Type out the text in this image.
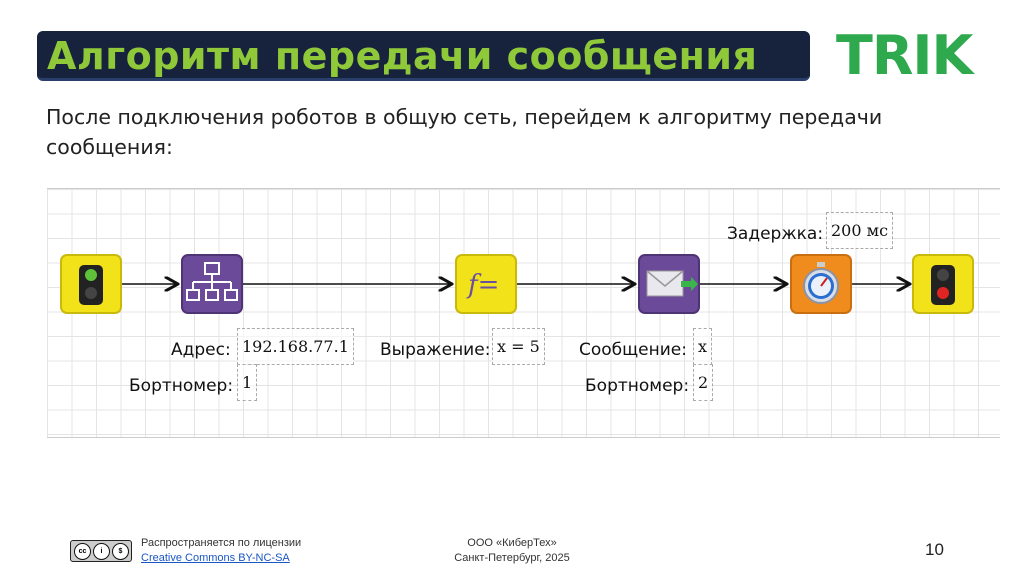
Алгоритм передачи сообщения TRIK
После подключения роботов в общую сеть, перейдем к алгоритму передачи сообщения:
f=
Задержка: 200 мс
Адрес: 192.168.77.1
Бортномер: 1
Выражение: x = 5 Сообщение: x
Бортномер: 2
cc	i	$
Распространяется по лицензии
Creative Commons BY-NC-SA
ООО «КиберТех»
Санкт-Петербург, 2025	10
